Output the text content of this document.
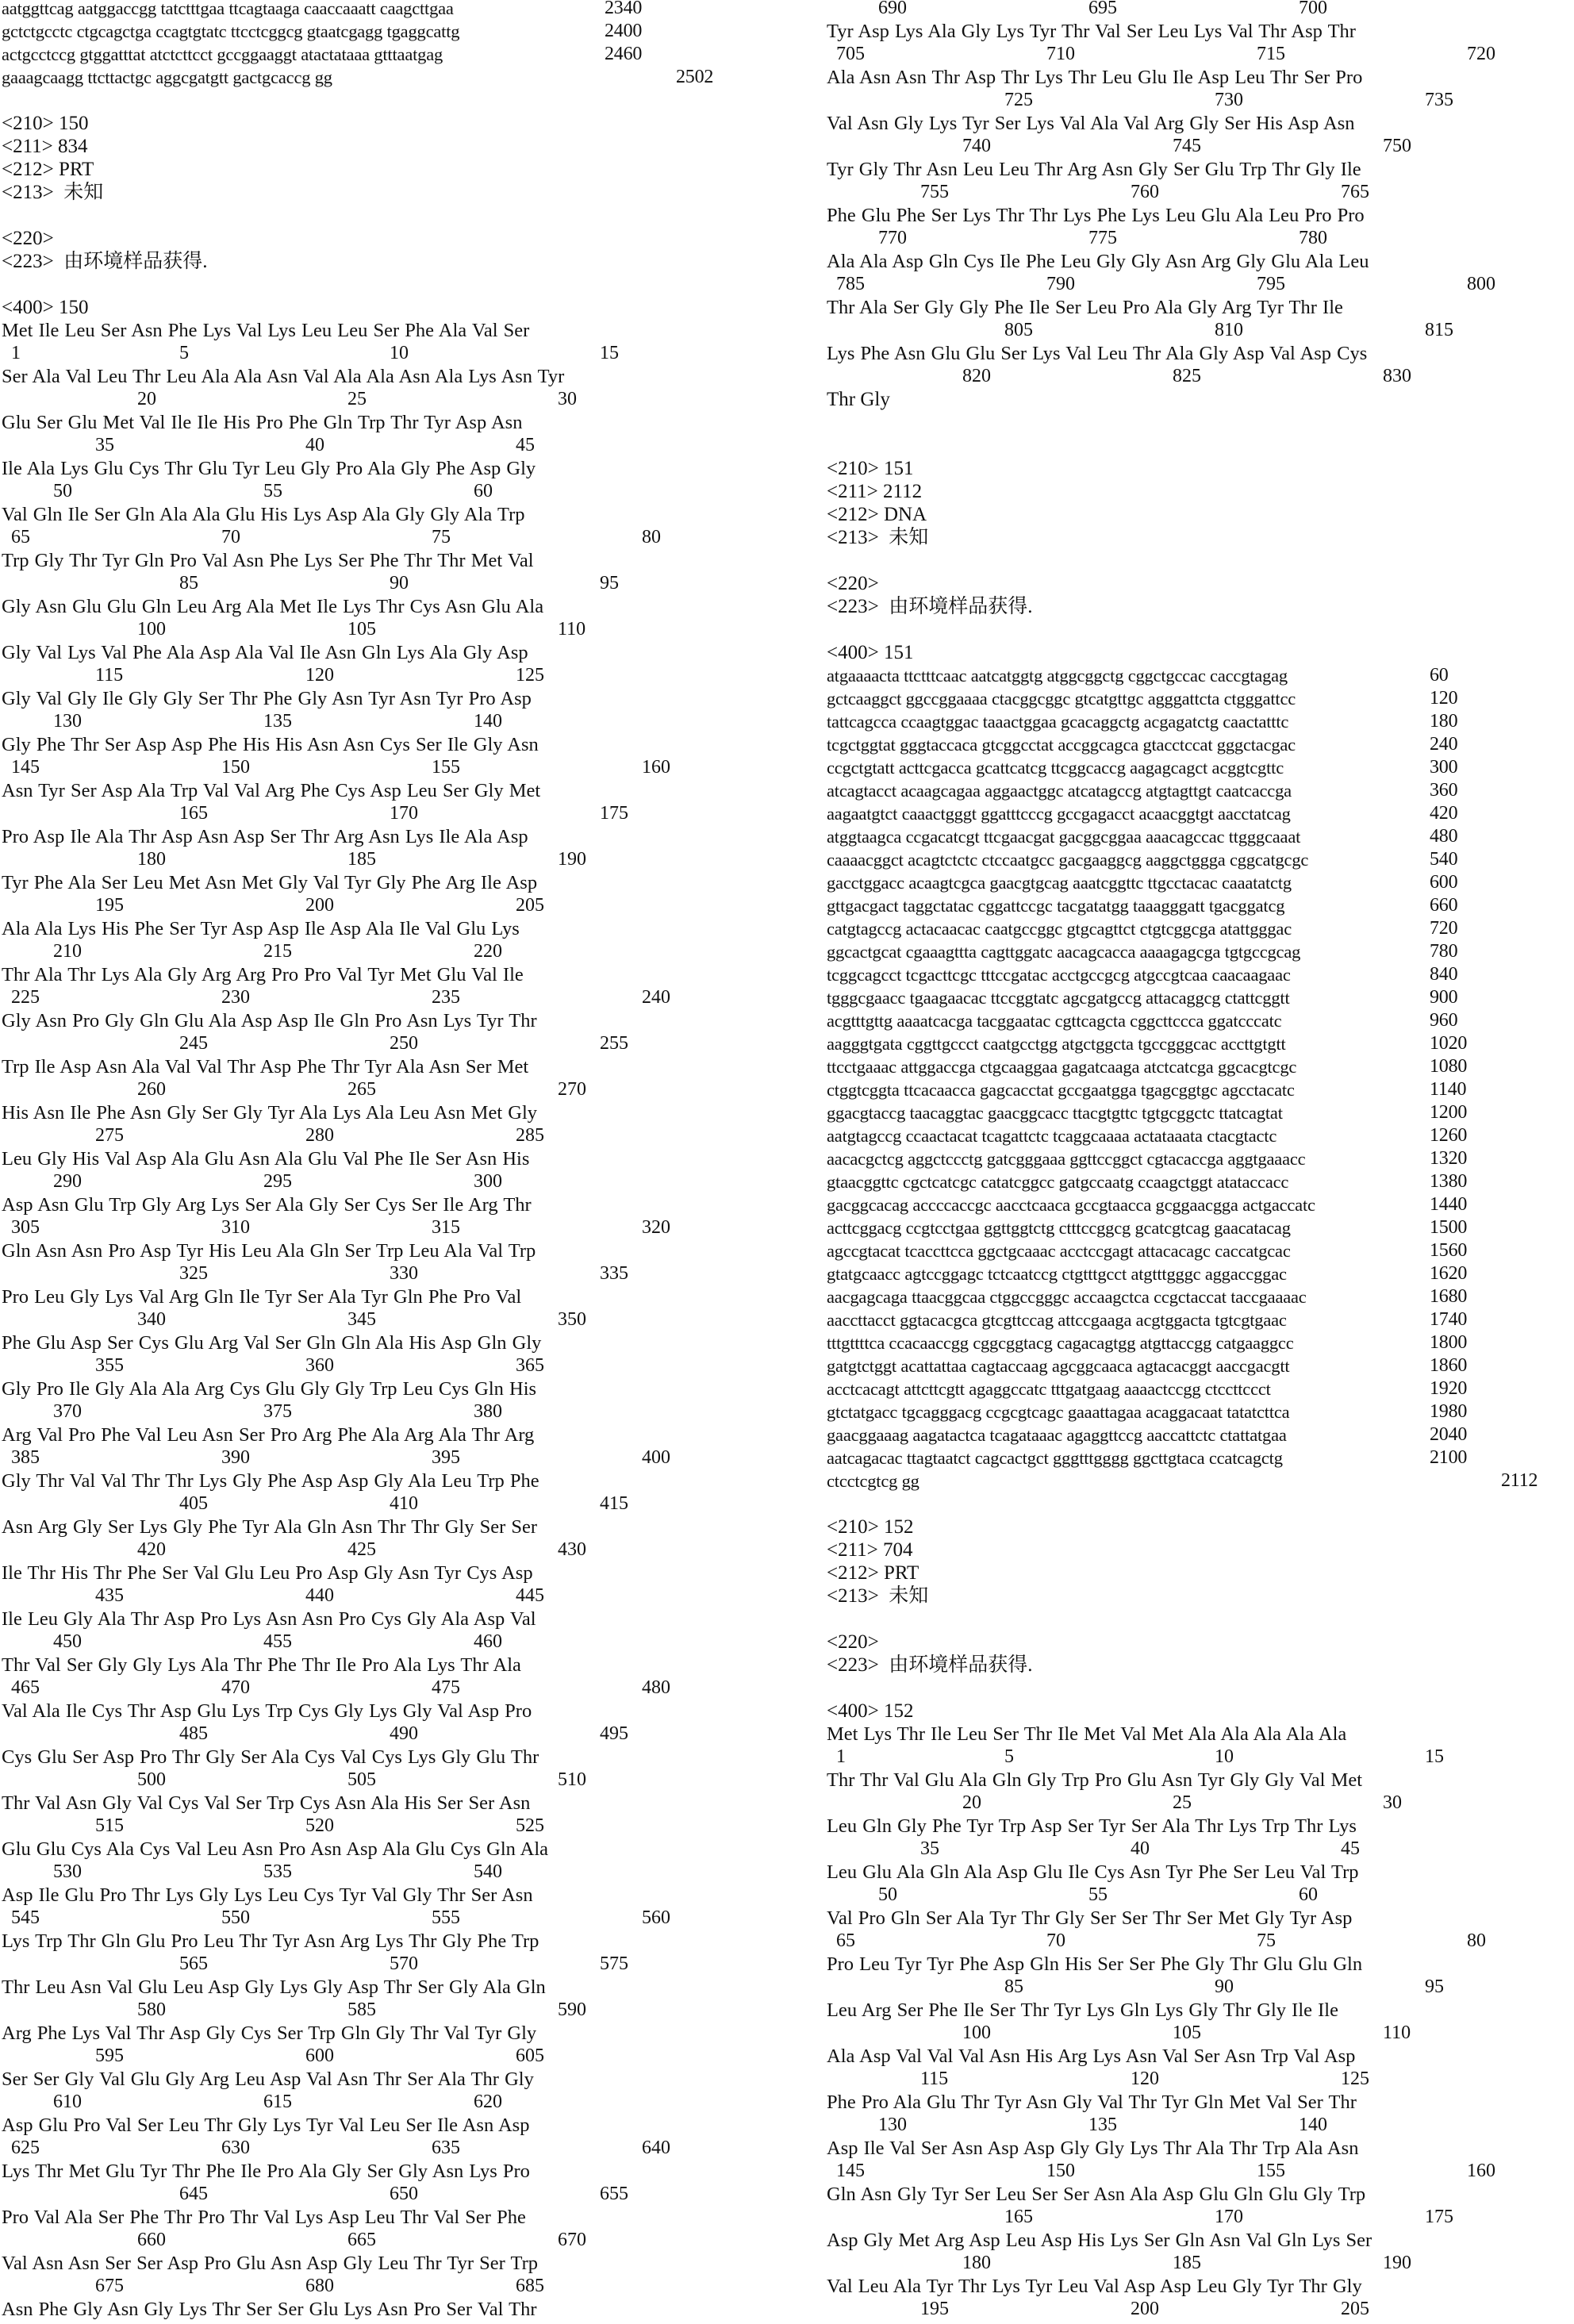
aatggttcag aatggaccgg tatctttgaa ttcagtaaga caaccaaatt caagcttgaa	2340
gctctgcctc ctgcagctga ccagtgtatc ttcctcggcg gtaatcgagg tgaggcattg	2400
actgcctccg gtggatttat atctcttcct gccggaaggt atactataaa gtttaatgag	2460
gaaagcaagg ttcttactgc aggcgatgtt gactgcaccg gg	2502
<210> 150
<211> 834
<212> PRT
<213>  未知
<220>
<223>  由环境样品获得.
<400> 150
Met Ile Leu Ser Asn Phe Lys Val Lys Leu Leu Ser Phe Ala Val Ser
1	5	10	15
Ser Ala Val Leu Thr Leu Ala Ala Asn Val Ala Ala Asn Ala Lys Asn Tyr
20	25	30
Glu Ser Glu Met Val Ile Ile His Pro Phe Gln Trp Thr Tyr Asp Asn
35	40	45
Ile Ala Lys Glu Cys Thr Glu Tyr Leu Gly Pro Ala Gly Phe Asp Gly
50	55	60
Val Gln Ile Ser Gln Ala Ala Glu His Lys Asp Ala Gly Gly Ala Trp
65	70	75	80
Trp Gly Thr Tyr Gln Pro Val Asn Phe Lys Ser Phe Thr Thr Met Val
85	90	95
Gly Asn Glu Glu Gln Leu Arg Ala Met Ile Lys Thr Cys Asn Glu Ala
100	105	110
Gly Val Lys Val Phe Ala Asp Ala Val Ile Asn Gln Lys Ala Gly Asp
115	120	125
Gly Val Gly Ile Gly Gly Ser Thr Phe Gly Asn Tyr Asn Tyr Pro Asp
130	135	140
Gly Phe Thr Ser Asp Asp Phe His His Asn Asn Cys Ser Ile Gly Asn
145	150	155	160
Asn Tyr Ser Asp Ala Trp Val Val Arg Phe Cys Asp Leu Ser Gly Met
165	170	175
Pro Asp Ile Ala Thr Asp Asn Asp Ser Thr Arg Asn Lys Ile Ala Asp
180	185	190
Tyr Phe Ala Ser Leu Met Asn Met Gly Val Tyr Gly Phe Arg Ile Asp
195	200	205
Ala Ala Lys His Phe Ser Tyr Asp Asp Ile Asp Ala Ile Val Glu Lys
210	215	220
Thr Ala Thr Lys Ala Gly Arg Arg Pro Pro Val Tyr Met Glu Val Ile
225	230	235	240
Gly Asn Pro Gly Gln Glu Ala Asp Asp Ile Gln Pro Asn Lys Tyr Thr
245	250	255
Trp Ile Asp Asn Ala Val Val Thr Asp Phe Thr Tyr Ala Asn Ser Met
260	265	270
His Asn Ile Phe Asn Gly Ser Gly Tyr Ala Lys Ala Leu Asn Met Gly
275	280	285
Leu Gly His Val Asp Ala Glu Asn Ala Glu Val Phe Ile Ser Asn His
290	295	300
Asp Asn Glu Trp Gly Arg Lys Ser Ala Gly Ser Cys Ser Ile Arg Thr
305	310	315	320
Gln Asn Asn Pro Asp Tyr His Leu Ala Gln Ser Trp Leu Ala Val Trp
325	330	335
Pro Leu Gly Lys Val Arg Gln Ile Tyr Ser Ala Tyr Gln Phe Pro Val
340	345	350
Phe Glu Asp Ser Cys Glu Arg Val Ser Gln Gln Ala His Asp Gln Gly
355	360	365
Gly Pro Ile Gly Ala Ala Arg Cys Glu Gly Gly Trp Leu Cys Gln His
370	375	380
Arg Val Pro Phe Val Leu Asn Ser Pro Arg Phe Ala Arg Ala Thr Arg
385	390	395	400
Gly Thr Val Val Thr Thr Lys Gly Phe Asp Asp Gly Ala Leu Trp Phe
405	410	415
Asn Arg Gly Ser Lys Gly Phe Tyr Ala Gln Asn Thr Thr Gly Ser Ser
420	425	430
Ile Thr His Thr Phe Ser Val Glu Leu Pro Asp Gly Asn Tyr Cys Asp
435	440	445
Ile Leu Gly Ala Thr Asp Pro Lys Asn Asn Pro Cys Gly Ala Asp Val
450	455	460
Thr Val Ser Gly Gly Lys Ala Thr Phe Thr Ile Pro Ala Lys Thr Ala
465	470	475	480
Val Ala Ile Cys Thr Asp Glu Lys Trp Cys Gly Lys Gly Val Asp Pro
485	490	495
Cys Glu Ser Asp Pro Thr Gly Ser Ala Cys Val Cys Lys Gly Glu Thr
500	505	510
Thr Val Asn Gly Val Cys Val Ser Trp Cys Asn Ala His Ser Ser Asn
515	520	525
Glu Glu Cys Ala Cys Val Leu Asn Pro Asn Asp Ala Glu Cys Gln Ala
530	535	540
Asp Ile Glu Pro Thr Lys Gly Lys Leu Cys Tyr Val Gly Thr Ser Asn
545	550	555	560
Lys Trp Thr Gln Glu Pro Leu Thr Tyr Asn Arg Lys Thr Gly Phe Trp
565	570	575
Thr Leu Asn Val Glu Leu Asp Gly Lys Gly Asp Thr Ser Gly Ala Gln
580	585	590
Arg Phe Lys Val Thr Asp Gly Cys Ser Trp Gln Gly Thr Val Tyr Gly
595	600	605
Ser Ser Gly Val Glu Gly Arg Leu Asp Val Asn Thr Ser Ala Thr Gly
610	615	620
Asp Glu Pro Val Ser Leu Thr Gly Lys Tyr Val Leu Ser Ile Asn Asp
625	630	635	640
Lys Thr Met Glu Tyr Thr Phe Ile Pro Ala Gly Ser Gly Asn Lys Pro
645	650	655
Pro Val Ala Ser Phe Thr Pro Thr Val Lys Asp Leu Thr Val Ser Phe
660	665	670
Val Asn Asn Ser Ser Asp Pro Glu Asn Asp Gly Leu Thr Tyr Ser Trp
675	680	685
Asn Phe Gly Asn Gly Lys Thr Ser Ser Glu Lys Asn Pro Ser Val Thr
690	695	700
Tyr Asp Lys Ala Gly Lys Tyr Thr Val Ser Leu Lys Val Thr Asp Thr
705	710	715	720
Ala Asn Asn Thr Asp Thr Lys Thr Leu Glu Ile Asp Leu Thr Ser Pro
725	730	735
Val Asn Gly Lys Tyr Ser Lys Val Ala Val Arg Gly Ser His Asp Asn
740	745	750
Tyr Gly Thr Asn Leu Leu Thr Arg Asn Gly Ser Glu Trp Thr Gly Ile
755	760	765
Phe Glu Phe Ser Lys Thr Thr Lys Phe Lys Leu Glu Ala Leu Pro Pro
770	775	780
Ala Ala Asp Gln Cys Ile Phe Leu Gly Gly Asn Arg Gly Glu Ala Leu
785	790	795	800
Thr Ala Ser Gly Gly Phe Ile Ser Leu Pro Ala Gly Arg Tyr Thr Ile
805	810	815
Lys Phe Asn Glu Glu Ser Lys Val Leu Thr Ala Gly Asp Val Asp Cys
820	825	830
Thr Gly
<210> 151
<211> 2112
<212> DNA
<213>  未知
<220>
<223>  由环境样品获得.
<400> 151
atgaaaacta ttctttcaac aatcatggtg atggcggctg cggctgccac caccgtagag	60
gctcaaggct ggccggaaaa ctacggcggc gtcatgttgc agggattcta ctgggattcc	120
tattcagcca ccaagtggac taaactggaa gcacaggctg acgagatctg caactatttc	180
tcgctggtat gggtaccaca gtcggcctat accggcagca gtacctccat gggctacgac	240
ccgctgtatt acttcgacca gcattcatcg ttcggcaccg aagagcagct acggtcgttc	300
atcagtacct acaagcagaa aggaactggc atcatagccg atgtagttgt caatcaccga	360
aagaatgtct caaactgggt ggatttcccg gccgagacct acaacggtgt aacctatcag	420
atggtaagca ccgacatcgt ttcgaacgat gacggcggaa aaacagccac ttgggcaaat	480
caaaacggct acagtctctc ctccaatgcc gacgaaggcg aaggctggga cggcatgcgc	540
gacctggacc acaagtcgca gaacgtgcag aaatcggttc ttgcctacac caaatatctg	600
gttgacgact taggctatac cggattccgc tacgatatgg taaagggatt tgacggatcg	660
catgtagccg actacaacac caatgccggc gtgcagttct ctgtcggcga atattgggac	720
ggcactgcat cgaaagttta cagttggatc aacagcacca aaaagagcga tgtgccgcag	780
tcggcagcct tcgacttcgc tttccgatac acctgccgcg atgccgtcaa caacaagaac	840
tgggcgaacc tgaagaacac ttccggtatc agcgatgccg attacaggcg ctattcggtt	900
acgtttgttg aaaatcacga tacggaatac cgttcagcta cggcttccca ggatcccatc	960
aagggtgata cggttgccct caatgcctgg atgctggcta tgccgggcac accttgtgtt	1020
ttcctgaaac attggaccga ctgcaaggaa gagatcaaga atctcatcga ggcacgtcgc	1080
ctggtcggta ttcacaacca gagcacctat gccgaatgga tgagcggtgc agcctacatc	1140
ggacgtaccg taacaggtac gaacggcacc ttacgtgttc tgtgcggctc ttatcagtat	1200
aatgtagccg ccaactacat tcagattctc tcaggcaaaa actataaata ctacgtactc	1260
aacacgctcg aggctccctg gatcgggaaa ggttccggct cgtacaccga aggtgaaacc	1320
gtaacggttc cgctcatcgc catatcggcc gatgccaatg ccaagctggt atataccacc	1380
gacggcacag accccaccgc aacctcaaca gccgtaacca gcggaacgga actgaccatc	1440
acttcggacg ccgtcctgaa ggttggtctg ctttccggcg gcatcgtcag gaacatacag	1500
agccgtacat tcaccttcca ggctgcaaac acctccgagt attacacagc caccatgcac	1560
gtatgcaacc agtccggagc tctcaatccg ctgtttgcct atgtttgggc aggaccggac	1620
aacgagcaga ttaacggcaa ctggccgggc accaagctca ccgctaccat taccgaaaac	1680
aaccttacct ggtacacgca gtcgttccag attccgaaga acgtggacta tgtcgtgaac	1740
tttgttttca ccacaaccgg cggcggtacg cagacagtgg atgttaccgg catgaaggcc	1800
gatgtctggt acattattaa cagtaccaag agcggcaaca agtacacggt aaccgacgtt	1860
acctcacagt attcttcgtt agaggccatc tttgatgaag aaaactccgg ctccttccct	1920
gtctatgacc tgcagggacg ccgcgtcagc gaaattagaa acaggacaat tatatcttca	1980
gaacggaaag aagatactca tcagataaac agaggttccg aaccattctc ctattatgaa	2040
aatcagacac ttagtaatct cagcactgct gggtttgggg ggcttgtaca ccatcagctg	2100
ctcctcgtcg gg	2112
<210> 152
<211> 704
<212> PRT
<213>  未知
<220>
<223>  由环境样品获得.
<400> 152
Met Lys Thr Ile Leu Ser Thr Ile Met Val Met Ala Ala Ala Ala Ala
1	5	10	15
Thr Thr Val Glu Ala Gln Gly Trp Pro Glu Asn Tyr Gly Gly Val Met
20	25	30
Leu Gln Gly Phe Tyr Trp Asp Ser Tyr Ser Ala Thr Lys Trp Thr Lys
35	40	45
Leu Glu Ala Gln Ala Asp Glu Ile Cys Asn Tyr Phe Ser Leu Val Trp
50	55	60
Val Pro Gln Ser Ala Tyr Thr Gly Ser Ser Thr Ser Met Gly Tyr Asp
65	70	75	80
Pro Leu Tyr Tyr Phe Asp Gln His Ser Ser Phe Gly Thr Glu Glu Gln
85	90	95
Leu Arg Ser Phe Ile Ser Thr Tyr Lys Gln Lys Gly Thr Gly Ile Ile
100	105	110
Ala Asp Val Val Val Asn His Arg Lys Asn Val Ser Asn Trp Val Asp
115	120	125
Phe Pro Ala Glu Thr Tyr Asn Gly Val Thr Tyr Gln Met Val Ser Thr
130	135	140
Asp Ile Val Ser Asn Asp Asp Gly Gly Lys Thr Ala Thr Trp Ala Asn
145	150	155	160
Gln Asn Gly Tyr Ser Leu Ser Ser Asn Ala Asp Glu Gln Glu Gly Trp
165	170	175
Asp Gly Met Arg Asp Leu Asp His Lys Ser Gln Asn Val Gln Lys Ser
180	185	190
Val Leu Ala Tyr Thr Lys Tyr Leu Val Asp Asp Leu Gly Tyr Thr Gly
195	200	205
